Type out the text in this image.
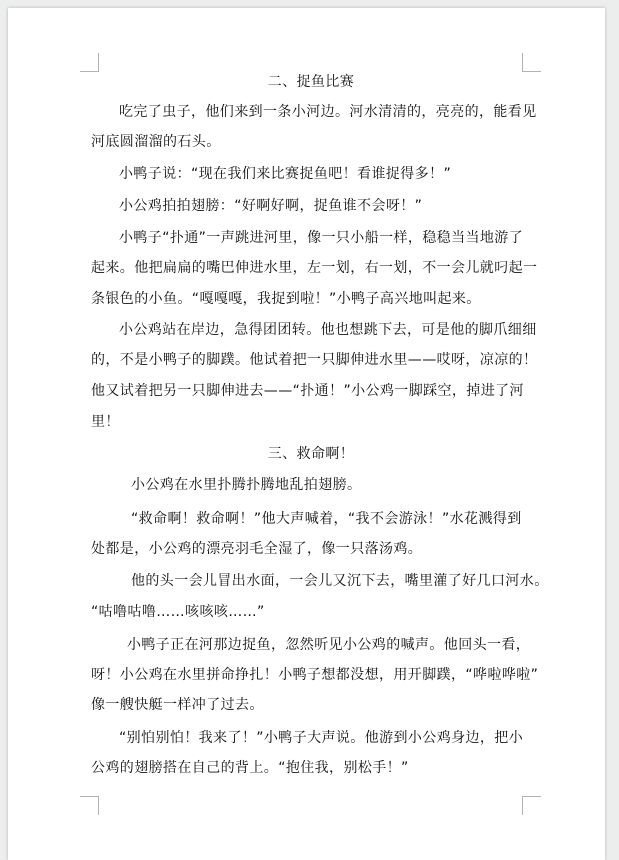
二、捉鱼比赛
吃完了虫子，他们来到一条小河边。河水清清的，亮亮的，能看见
河底圆溜溜的石头。
小鸭子说：“现在我们来比赛捉鱼吧！看谁捉得多！”
小公鸡拍拍翅膀：“好啊好啊，捉鱼谁不会呀！”
小鸭子“扑通”一声跳进河里，像一只小船一样，稳稳当当地游了
起来。他把扁扁的嘴巴伸进水里，左一划，右一划，不一会儿就叼起一
条银色的小鱼。“嘎嘎嘎，我捉到啦！”小鸭子高兴地叫起来。
小公鸡站在岸边，急得团团转。他也想跳下去，可是他的脚爪细细
的，不是小鸭子的脚蹼。他试着把一只脚伸进水里——哎呀，凉凉的！
他又试着把另一只脚伸进去——“扑通！”小公鸡一脚踩空，掉进了河
里！
三、救命啊！
小公鸡在水里扑腾扑腾地乱拍翅膀。
“救命啊！救命啊！”他大声喊着，“我不会游泳！”水花溅得到
处都是，小公鸡的漂亮羽毛全湿了，像一只落汤鸡。
他的头一会儿冒出水面，一会儿又沉下去，嘴里灌了好几口河水。
“咕噜咕噜……咳咳咳……”
小鸭子正在河那边捉鱼，忽然听见小公鸡的喊声。他回头一看，
呀！小公鸡在水里拼命挣扎！小鸭子想都没想，用开脚蹼，“哗啦哗啦”
像一艘快艇一样冲了过去。
“别怕别怕！我来了！”小鸭子大声说。他游到小公鸡身边，把小
公鸡的翅膀搭在自己的背上。“抱住我，别松手！”
